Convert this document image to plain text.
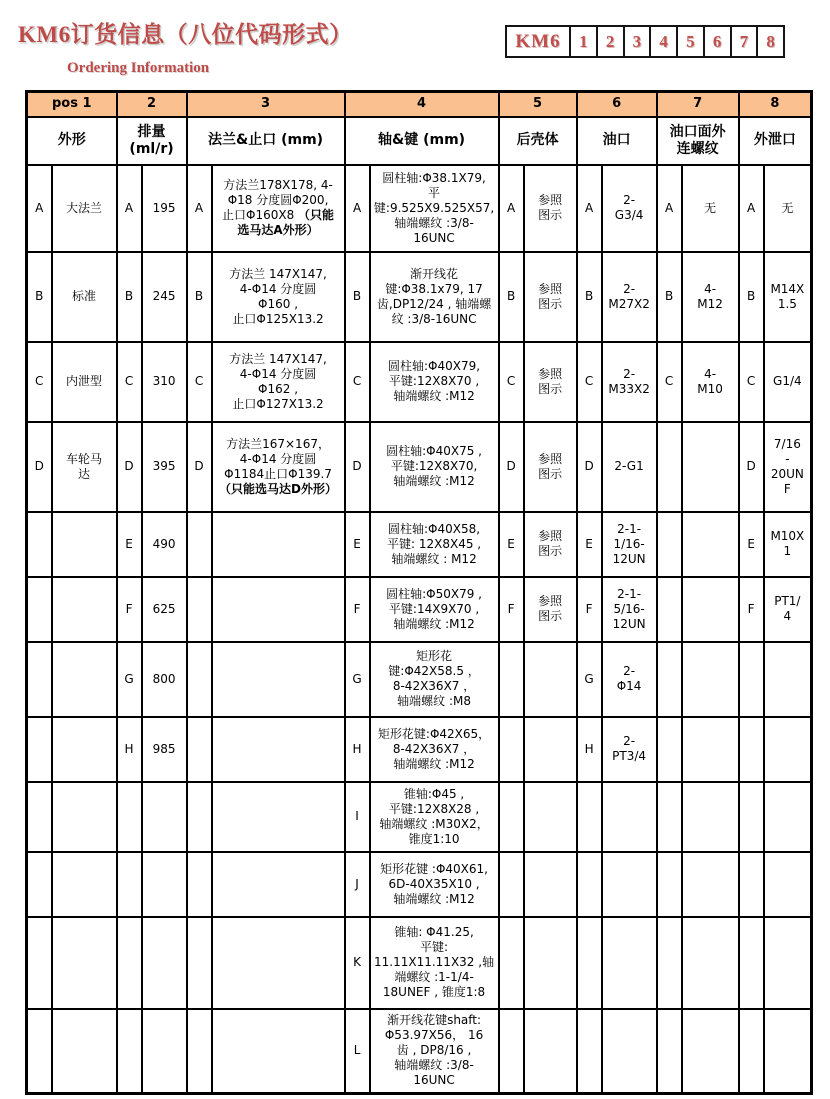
KM6订货信息（八位代码形式）
Ordering Information
KM6	1	2	3	4	5	6	7	8
pos 1		2		3		4		5		6		7		8	
外形		排量
(ml/r)		法兰&止口 (mm)		轴&键 (mm)		后壳体		油口		油口面外
连螺纹		外泄口	
A	大法兰	A	195	A	方法兰178X178, 4-
Φ18 分度圆Φ200,
止口Φ160X8 （只能
选马达A外形）	A	圆柱轴:Φ38.1X79,
平
键:9.525X9.525X57,
轴端螺纹 :3/8-
16UNC	A	参照
图示	A	2-
G3/4	A	无	A	无
B	标准	B	245	B	方法兰 147X147,
4-Φ14 分度圆
Φ160 ,
止口Φ125X13.2	B	渐开线花
键:Φ38.1x79, 17
齿,DP12/24 , 轴端螺
纹 :3/8-16UNC	B	参照
图示	B	2-
M27X2	B	4-
M12	B	M14X
1.5
C	内泄型	C	310	C	方法兰 147X147,
4-Φ14 分度圆
Φ162 ,
止口Φ127X13.2	C	圆柱轴:Φ40X79,
平键:12X8X70 ,
轴端螺纹 :M12	C	参照
图示	C	2-
M33X2	C	4-
M10	C	G1/4
D	车轮马
达	D	395	D	方法兰167×167，
4-Φ14 分度圆
Φ1184止口Φ139.7
（只能选马达D外形）	D	圆柱轴:Φ40X75 ,
平键:12X8X70,
轴端螺纹 :M12	D	参照
图示	D	2-G1			D	7/16
-
20UN
F
		E	490			E	圆柱轴:Φ40X58,
平键: 12X8X45 ,
轴端螺纹 : M12	E	参照
图示	E	2-1-
1/16-
12UN			E	M10X
1
		F	625			F	圆柱轴:Φ50X79 ,
平键:14X9X70 ,
轴端螺纹 :M12	F	参照
图示	F	2-1-
5/16-
12UN			F	PT1/
4
		G	800			G	矩形花
键:Φ42X58.5 ，
8-42X36X7 ，
轴端螺纹 :M8			G	2-
Φ14				
		H	985			H	矩形花键:Φ42X65，
8-42X36X7 ，
轴端螺纹 :M12			H	2-
PT3/4				
						I	锥轴:Φ45 ,
平键:12X8X28 ,
轴端螺纹 :M30X2，
锥度1:10								
						J	矩形花键 :Φ40X61,
6D-40X35X10 ,
轴端螺纹 :M12								
						K	锥轴: Φ41.25,
平键:
11.11X11.11X32 ,轴
端螺纹 :1-1/4-
18UNEF , 锥度1:8								
						L	渐开线花键shaft:
Φ53.97X56， 16
齿 , DP8/16 ,
轴端螺纹 :3/8-
16UNC								
